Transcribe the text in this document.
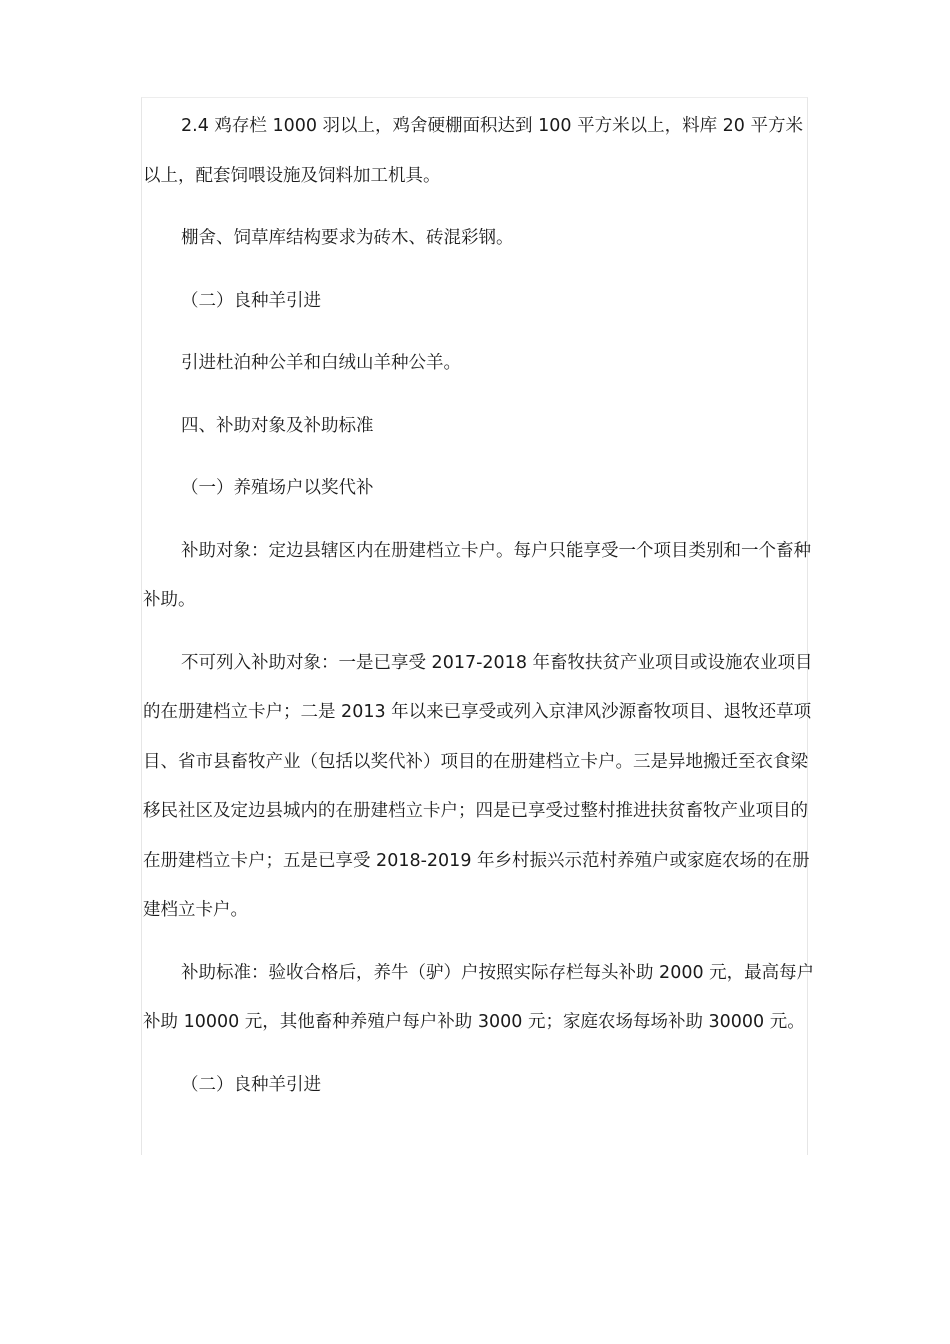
2.4 鸡存栏 1000 羽以上，鸡舍硬棚面积达到 100 平方米以上，料库 20 平方米以上，配套饲喂设施及饲料加工机具。

棚舍、饲草库结构要求为砖木、砖混彩钢。

（二）良种羊引进

引进杜泊种公羊和白绒山羊种公羊。

四、补助对象及补助标准

（一）养殖场户以奖代补

补助对象：定边县辖区内在册建档立卡户。每户只能享受一个项目类别和一个畜种补助。

不可列入补助对象：一是已享受 2017-2018 年畜牧扶贫产业项目或设施农业项目的在册建档立卡户；二是 2013 年以来已享受或列入京津风沙源畜牧项目、退牧还草项目、省市县畜牧产业（包括以奖代补）项目的在册建档立卡户。三是异地搬迁至衣食梁移民社区及定边县城内的在册建档立卡户；四是已享受过整村推进扶贫畜牧产业项目的在册建档立卡户；五是已享受 2018-2019 年乡村振兴示范村养殖户或家庭农场的在册建档立卡户。

补助标准：验收合格后，养牛（驴）户按照实际存栏每头补助 2000 元，最高每户补助 10000 元，其他畜种养殖户每户补助 3000 元；家庭农场每场补助 30000 元。

（二）良种羊引进
